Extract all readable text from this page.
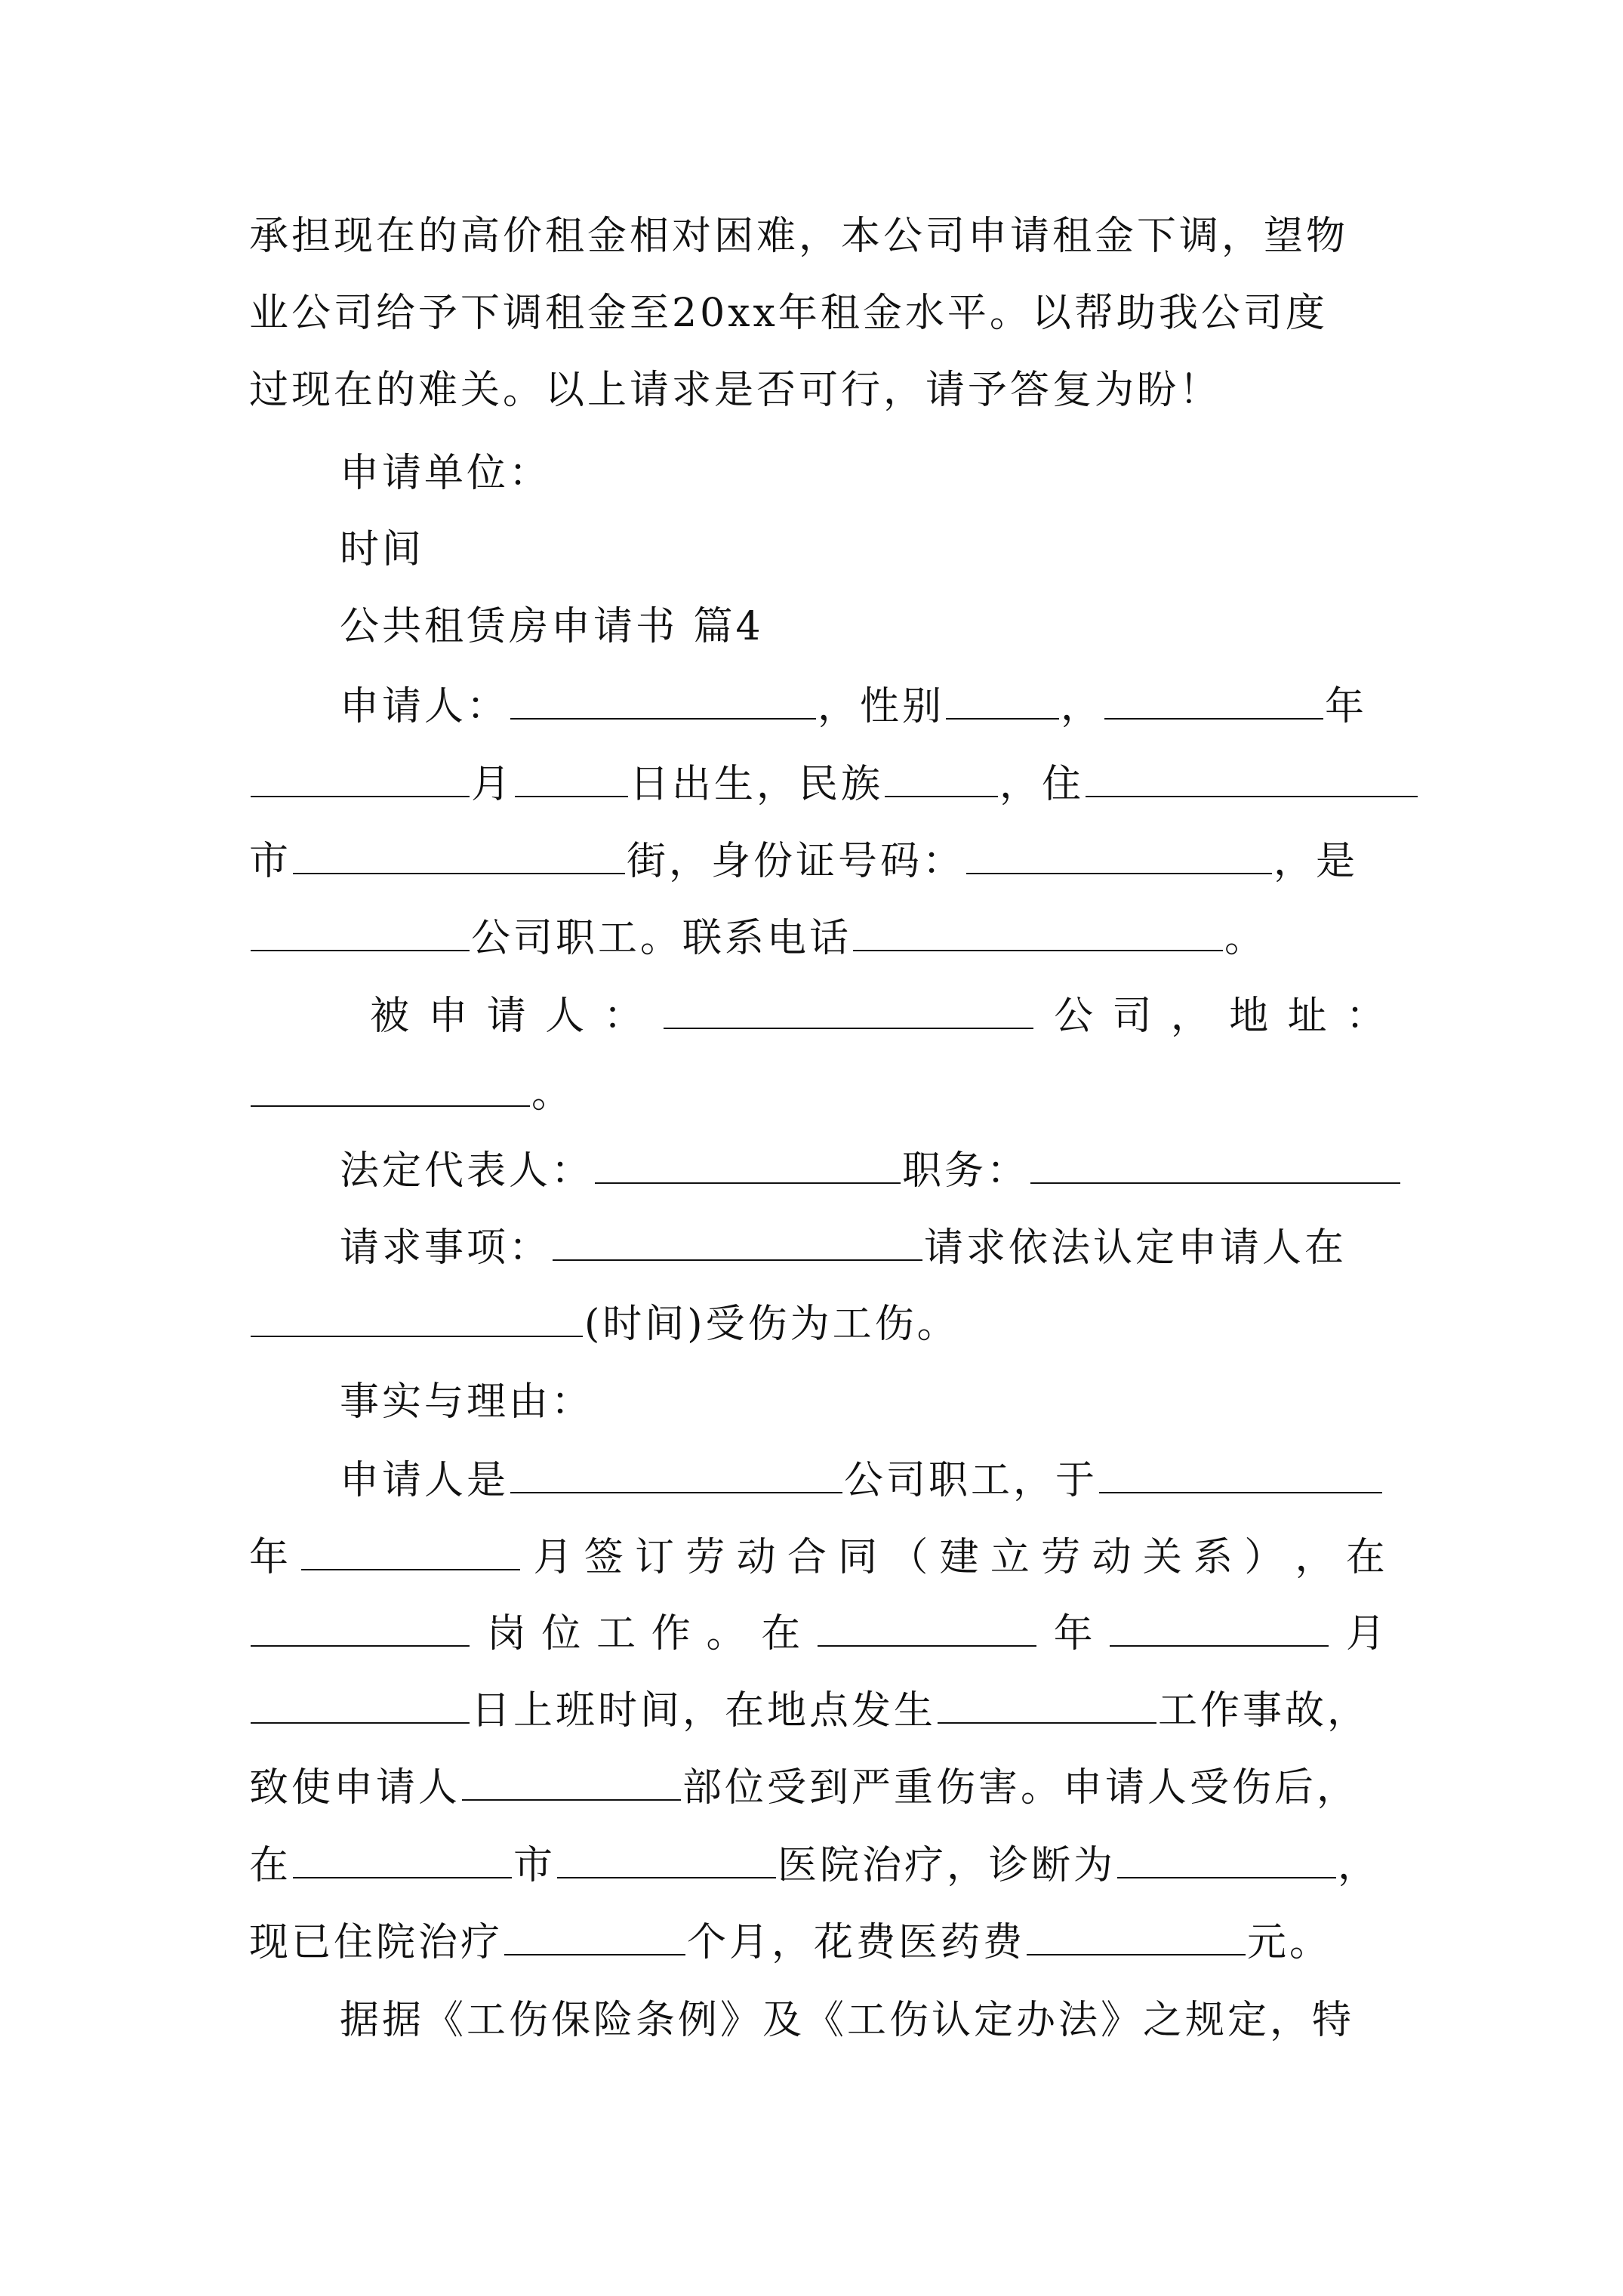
承担现在的高价租金相对困难，本公司申请租金下调，望物
业公司给予下调租金至20xx年租金水平。以帮助我公司度
过现在的难关。以上请求是否可行，请予答复为盼！
申请单位：
时间
公共租赁房申请书 篇4
申请人：	，性别	，	年
月	日出生，民族	，住
市	街，身份证号码：	，是
公司职工。联系电话	。
被 申 请 人 ：	公 司 ， 地 址 ：
。
法定代表人：	职务：
请求事项：	请求依法认定申请人在
(时间)受伤为工伤。
事实与理由：
申请人是	公司职工，于
年	月 签 订 劳 动 合 同 （ 建 立 劳 动 关 系 ） ， 在
岗 位 工 作 。 在	年	月
日上班时间，在地点发生	工作事故，
致使申请人	部位受到严重伤害。申请人受伤后，
在	市	医院治疗，诊断为	，
现已住院治疗	个月，花费医药费	元。
据据《工伤保险条例》及《工伤认定办法》之规定，特
